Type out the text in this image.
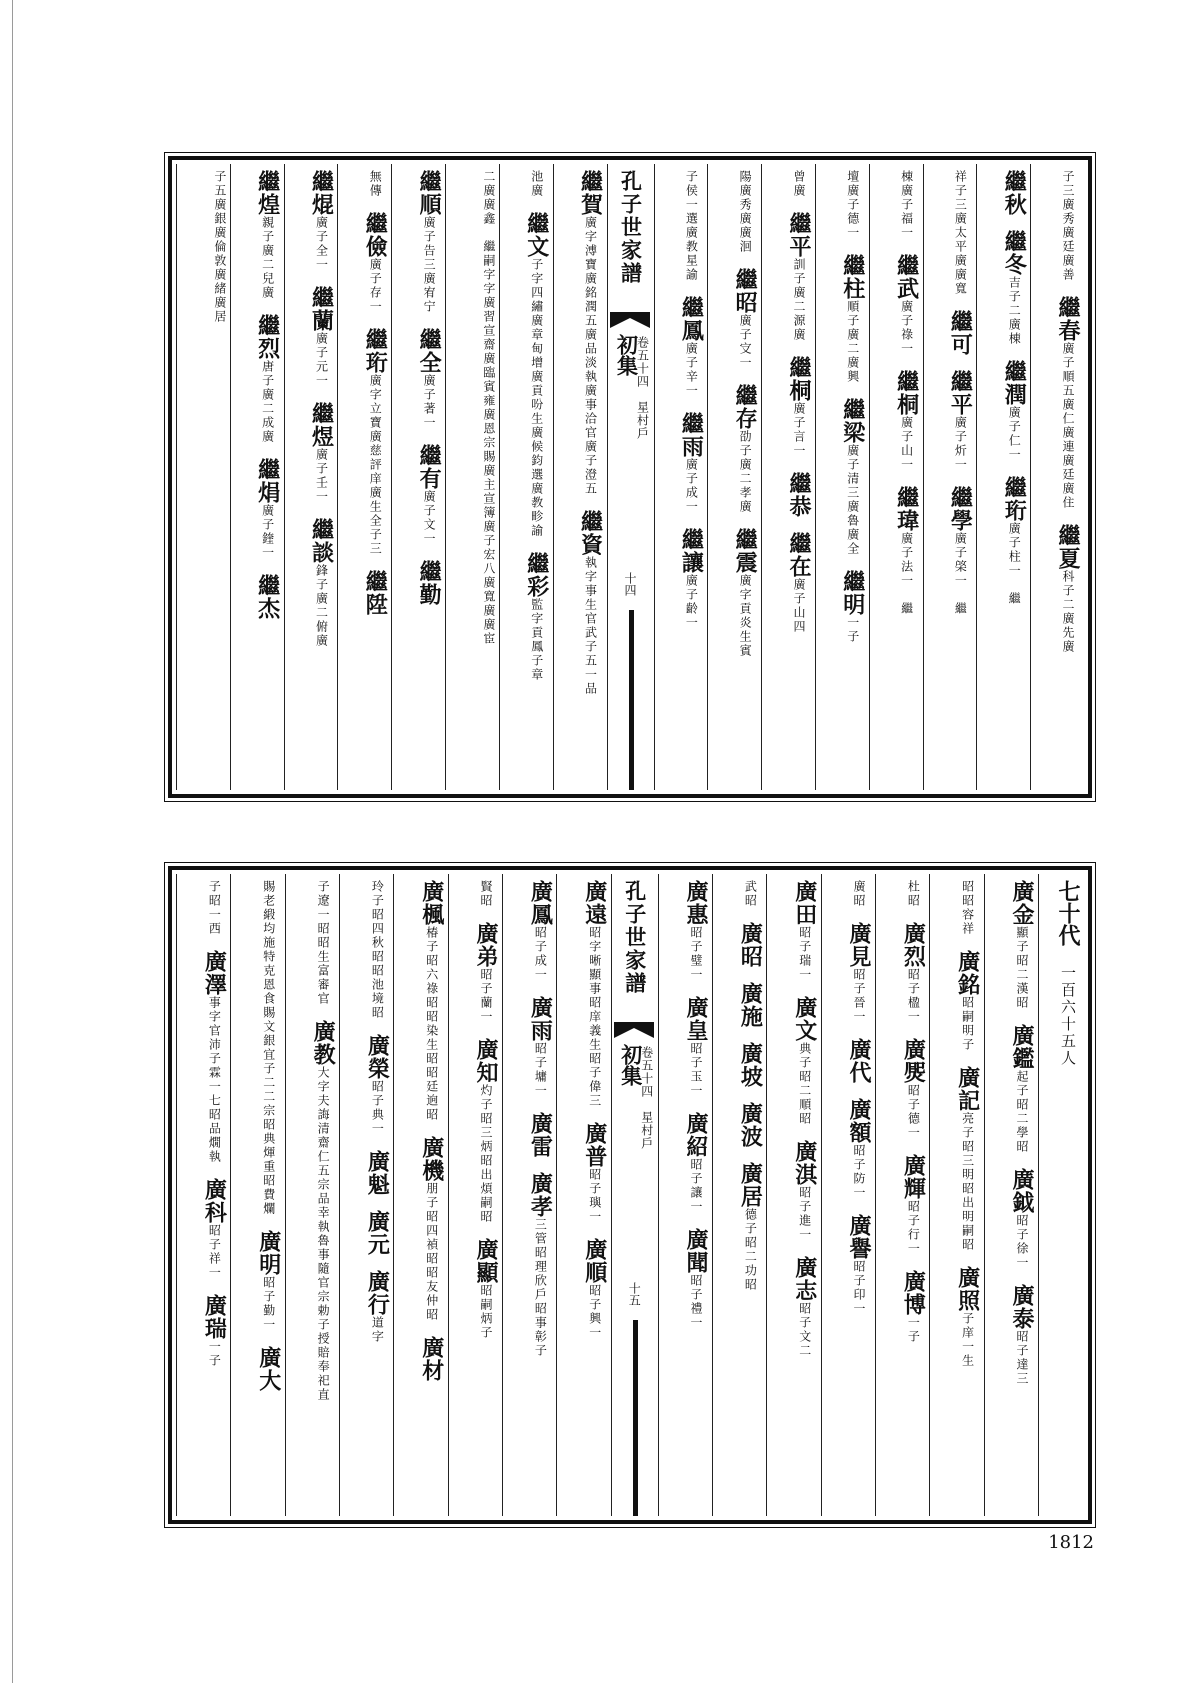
子三廣秀廣廷廣善　繼春廣子順五廣仁廣連廣廷廣住　繼夏科子二廣先廣
繼秋　繼冬吉子二廣棟　繼潤廣子仁一　繼珩廣子柱一　繼
祥子三廣太平廣廣寬　繼可　繼平廣子炘一　繼學廣子棨一　繼
棟廣子福一　繼武廣子祿一　繼桐廣子山一　繼瑋廣子法一　繼
壇廣子德一　繼柱順子廣二廣興　繼梁廣子清三廣魯廣全　繼明一子
曾廣　繼平訓子廣二源廣　繼桐廣子言一　繼恭　繼在廣子山四
陽廣秀廣廣洄　繼昭廣子㝊一　繼存劭子廣二孝廣　繼震廣字貢炎生賓
子侯一選廣教星諭　繼鳳廣子辛一　繼雨廣子成一　繼讓廣子齡一
孔子世家譜
初集
卷五十四　星村戶
十四
繼賀廣字溥寶廣銘潤五廣品淡執廣事洽官廣子澄五　繼資執字事生官武子五一品
池廣　繼文子字四繡廣章甸增廣貢吩生廣候鈞選廣教畛諭　繼彩監字貢鳳子章
二廣廣鑫　繼嗣字字廣習宣齋廣臨賓雍廣恩宗賜廣主宣簿廣子宏八廣寬廣廣宦
繼順廣子告三廣宥宁　繼全廣子著一　繼有廣子文一　繼勤
無傳　繼儉廣子存一　繼珩廣字立寶廣慈評庠廣生全子三　繼陞
繼焜廣子全一　繼蘭廣子元一　繼煜廣子壬一　繼談鋒子廣二俯廣
繼煌親子廣二兒廣　繼烈唐子廣二成廣　繼焆廣子鍷一　繼杰
子五廣銀廣倫敦廣緒廣居
七十代 一百六十五人
廣金顯子昭二漢昭　廣鑑起子昭二學昭　廣鉞昭子徐一　廣泰昭子達三
昭昭容祥　廣銘昭嗣明子　廣記亮子昭三明昭出明嗣昭　廣照子庠一生
杜昭　廣烈昭子楹一　廣㷗昭子德一　廣輝昭子行一　廣博一子
廣昭　廣見昭子晉一　廣代　廣額昭子防一　廣譽昭子印一
廣田昭子瑞一　廣文典子昭二順昭　廣淇昭子進一　廣志昭子文二
武昭　廣昭　廣施　廣坡　廣波　廣居德子昭二功昭
廣惠昭子璧一　廣皇昭子玉一　廣紹昭子讓一　廣聞昭子禮一
孔子世家譜
初集
卷五十四　星村戶
十五
廣遠昭字晰顯事昭庠義生昭子偉三　廣普昭子璵一　廣順昭子興一
廣鳳昭子成一　廣雨昭子墉一　廣雷　廣孝三管昭理欣戶昭事彰子
賢昭　廣弟昭子蘭一　廣知灼子昭三炳昭出煩嗣昭　廣顯昭嗣炳子
廣楓椿子昭六祿昭昭染生昭昭廷逈昭　廣機朋子昭四禎昭昭友仲昭　廣材
玲子昭四秋昭昭池境昭　廣榮昭子典一　廣魁　廣元　廣行道字
子遼一昭昭生富審官　廣教大字夫誨清齋仁五宗品幸執魯事隨官宗勅子授賠奉祀直
賜老緞均施特克恩食賜文銀宜子二二宗昭典煇重昭費爛　廣明昭子勤一　廣大
子昭一西　廣澤事字官沛子霖一七昭品燗執　廣科昭子祥一　廣瑞一子
1812
